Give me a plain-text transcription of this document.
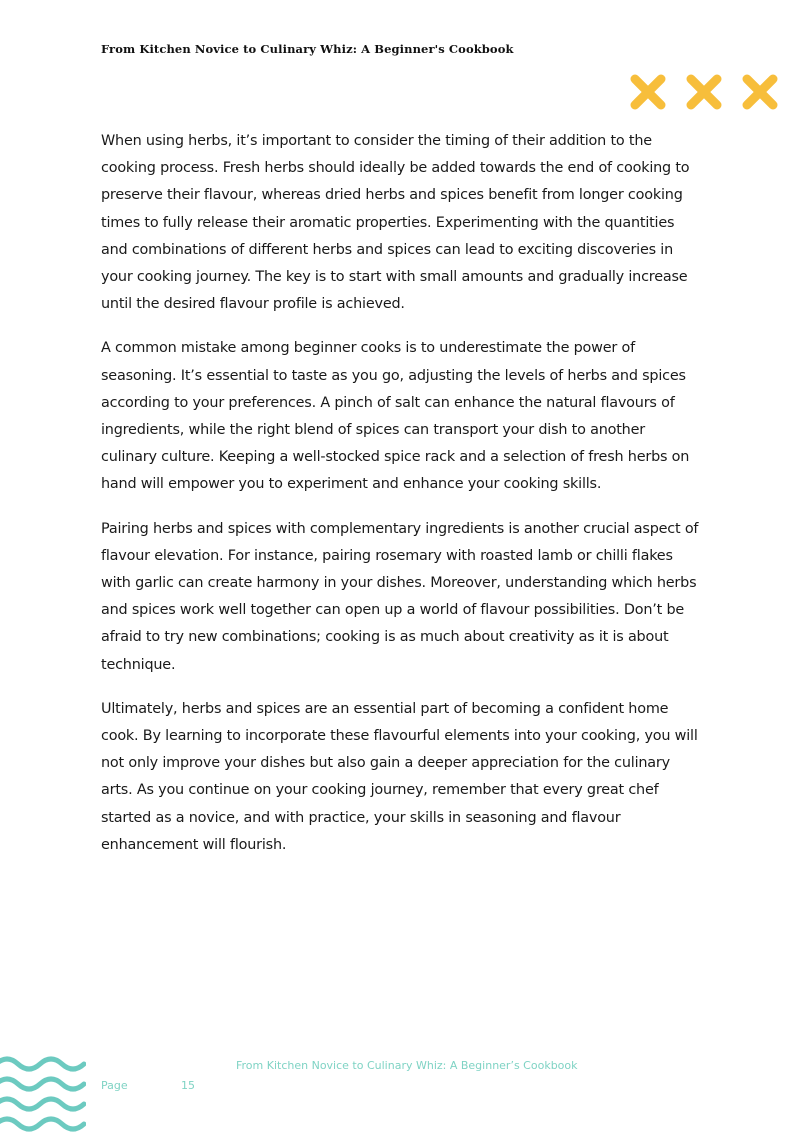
From Kitchen Novice to Culinary Whiz: A Beginner's Cookbook

When using herbs, it’s important to consider the timing of their addition to the cooking process. Fresh herbs should ideally be added towards the end of cooking to preserve their flavour, whereas dried herbs and spices benefit from longer cooking times to fully release their aromatic properties. Experimenting with the quantities and combinations of different herbs and spices can lead to exciting discoveries in your cooking journey. The key is to start with small amounts and gradually increase until the desired flavour profile is achieved.

A common mistake among beginner cooks is to underestimate the power of seasoning. It’s essential to taste as you go, adjusting the levels of herbs and spices according to your preferences. A pinch of salt can enhance the natural flavours of ingredients, while the right blend of spices can transport your dish to another culinary culture. Keeping a well-stocked spice rack and a selection of fresh herbs on hand will empower you to experiment and enhance your cooking skills.

Pairing herbs and spices with complementary ingredients is another crucial aspect of flavour elevation. For instance, pairing rosemary with roasted lamb or chilli flakes with garlic can create harmony in your dishes. Moreover, understanding which herbs and spices work well together can open up a world of flavour possibilities. Don’t be afraid to try new combinations; cooking is as much about creativity as it is about technique.

Ultimately, herbs and spices are an essential part of becoming a confident home cook. By learning to incorporate these flavourful elements into your cooking, you will not only improve your dishes but also gain a deeper appreciation for the culinary arts. As you continue on your cooking journey, remember that every great chef started as a novice, and with practice, your skills in seasoning and flavour enhancement will flourish.

From Kitchen Novice to Culinary Whiz: A Beginner’s Cookbook
Page	15
